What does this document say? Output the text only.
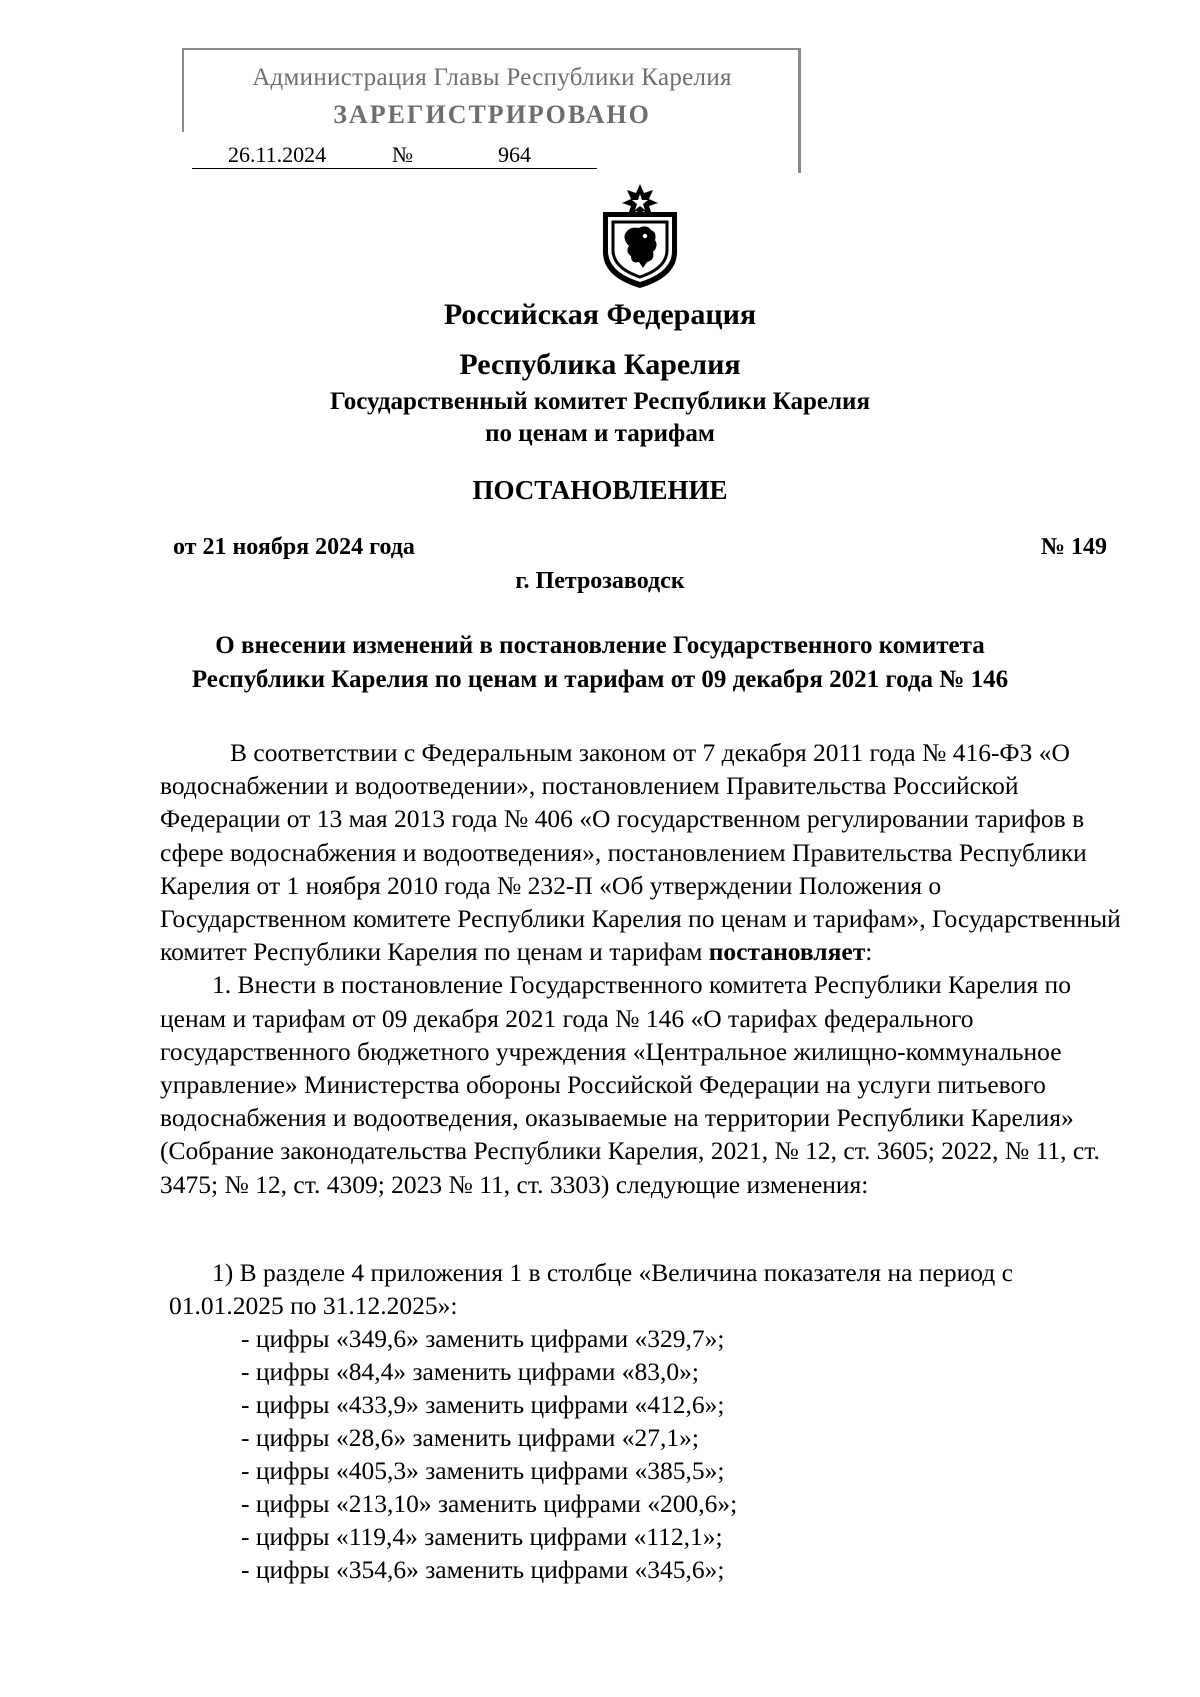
Администрация Главы Республики Карелия
ЗАРЕГИСТРИРОВАНО
26.11.2024	№	964
Российская Федерация
Республика Карелия
Государственный комитет Республики Карелия
по ценам и тарифам
ПОСТАНОВЛЕНИЕ
от 21 ноября 2024 года	№ 149
г. Петрозаводск
О внесении изменений в постановление Государственного комитета
Республики Карелия по ценам и тарифам от 09 декабря 2021 года № 146

В соответствии с Федеральным законом от 7 декабря 2011 года № 416-ФЗ «О водоснабжении и водоотведении», постановлением Правительства Российской Федерации от 13 мая 2013 года № 406 «О государственном регулировании тарифов в сфере водоснабжения и водоотведения», постановлением Правительства Республики Карелия от 1 ноября 2010 года № 232-П «Об утверждении Положения о Государственном комитете Республики Карелия по ценам и тарифам», Государственный комитет Республики Карелия по ценам и тарифам постановляет:

1. Внести в постановление Государственного комитета Республики Карелия по ценам и тарифам от 09 декабря 2021 года № 146 «О тарифах федерального государственного бюджетного учреждения «Центральное жилищно-коммунальное управление» Министерства обороны Российской Федерации на услуги питьевого водоснабжения и водоотведения, оказываемые на территории Республики Карелия» (Собрание законодательства Республики Карелия, 2021, № 12, ст. 3605; 2022, № 11, ст. 3475; № 12, ст. 4309; 2023 № 11, ст. 3303) следующие изменения:

1) В разделе 4 приложения 1 в столбце «Величина показателя на период с
01.01.2025 по 31.12.2025»:
- цифры «349,6» заменить цифрами «329,7»;
- цифры «84,4» заменить цифрами «83,0»;
- цифры «433,9» заменить цифрами «412,6»;
- цифры «28,6» заменить цифрами «27,1»;
- цифры «405,3» заменить цифрами «385,5»;
- цифры «213,10» заменить цифрами «200,6»;
- цифры «119,4» заменить цифрами «112,1»;
- цифры «354,6» заменить цифрами «345,6»;
